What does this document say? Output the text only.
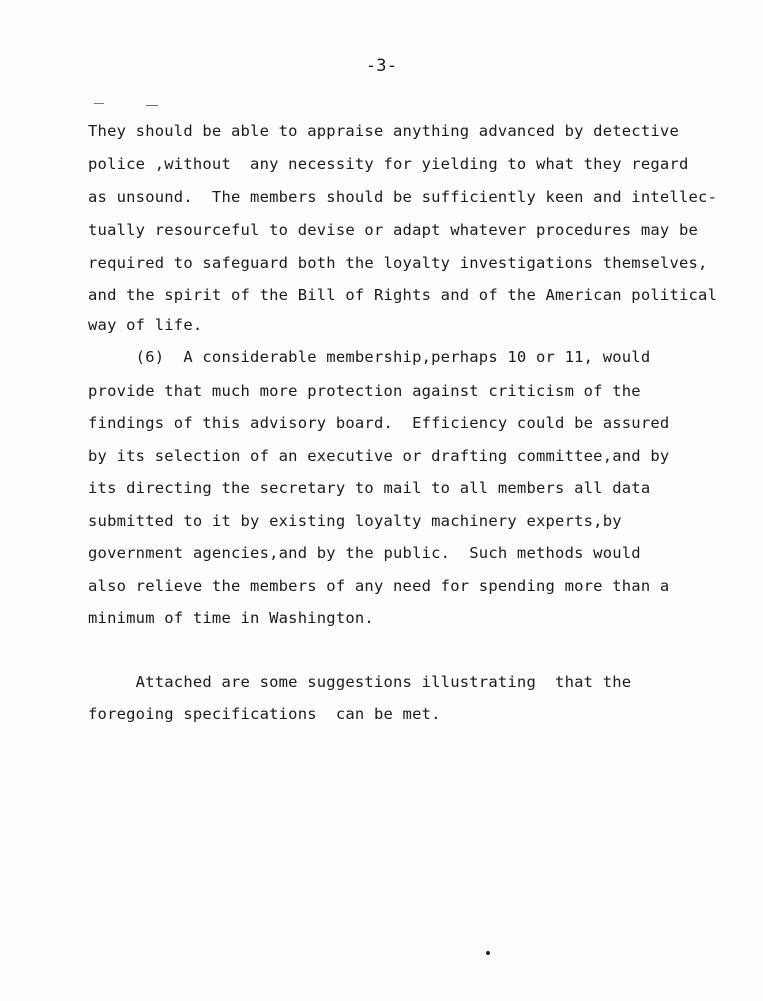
-3-
They should be able to appraise anything advanced by detective
police ,without  any necessity for yielding to what they regard
as unsound.  The members should be sufficiently keen and intellec-
tually resourceful to devise or adapt whatever procedures may be
required to safeguard both the loyalty investigations themselves,
and the spirit of the Bill of Rights and of the American political
way of life.
(6)  A considerable membership,perhaps 10 or 11, would
provide that much more protection against criticism of the
findings of this advisory board.  Efficiency could be assured
by its selection of an executive or drafting committee,and by
its directing the secretary to mail to all members all data
submitted to it by existing loyalty machinery experts,by
government agencies,and by the public.  Such methods would
also relieve the members of any need for spending more than a
minimum of time in Washington.
Attached are some suggestions illustrating  that the
foregoing specifications  can be met.
